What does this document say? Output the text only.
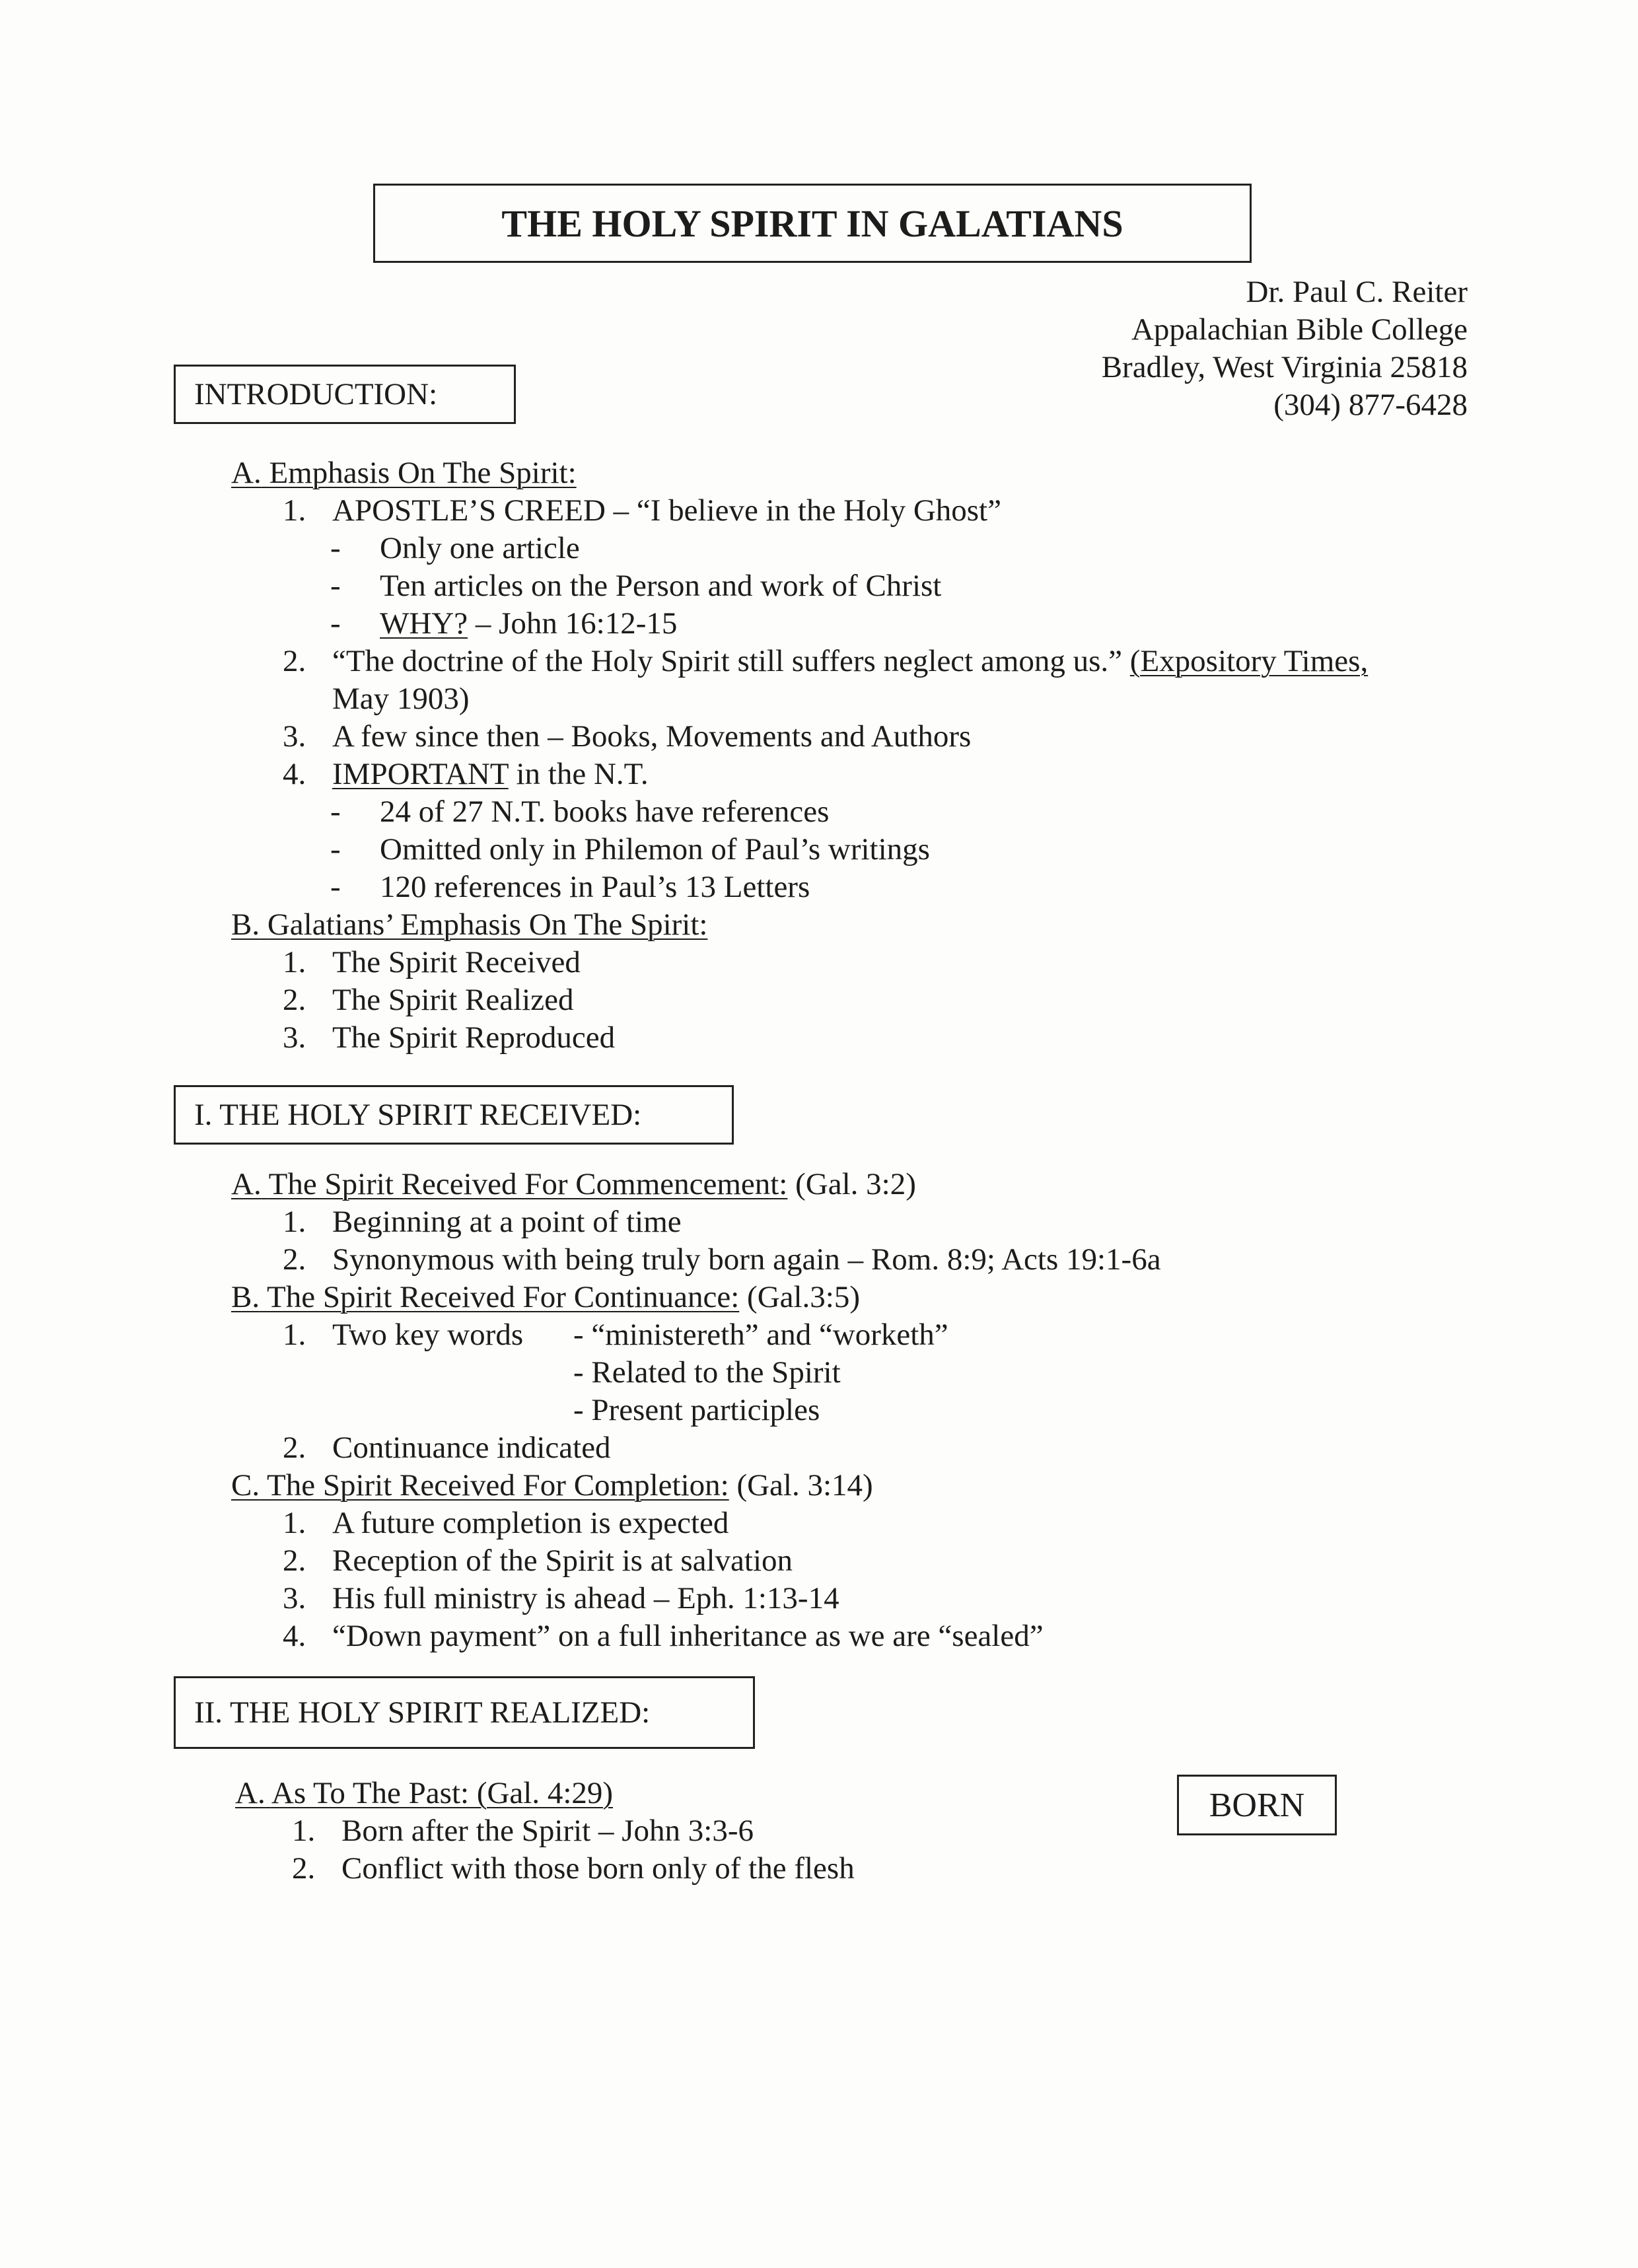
THE HOLY SPIRIT IN GALATIANS
Dr. Paul C. Reiter
Appalachian Bible College
Bradley, West Virginia 25818
(304) 877-6428
INTRODUCTION:
A. Emphasis On The Spirit:
1. APOSTLE’S CREED – “I believe in the Holy Ghost”
- Only one article
- Ten articles on the Person and work of Christ
- WHY? – John 16:12-15
2. “The doctrine of the Holy Spirit still suffers neglect among us.” (Expository Times,
May 1903)
3. A few since then – Books, Movements and Authors
4. IMPORTANT in the N.T.
- 24 of 27 N.T. books have references
- Omitted only in Philemon of Paul’s writings
- 120 references in Paul’s 13 Letters
B. Galatians’ Emphasis On The Spirit:
1. The Spirit Received
2. The Spirit Realized
3. The Spirit Reproduced
I. THE HOLY SPIRIT RECEIVED:
A. The Spirit Received For Commencement: (Gal. 3:2)
1. Beginning at a point of time
2. Synonymous with being truly born again – Rom. 8:9; Acts 19:1-6a
B. The Spirit Received For Continuance: (Gal.3:5)
1. Two key words - “ministereth” and “worketh”
- Related to the Spirit
- Present participles
2. Continuance indicated
C. The Spirit Received For Completion: (Gal. 3:14)
1. A future completion is expected
2. Reception of the Spirit is at salvation
3. His full ministry is ahead – Eph. 1:13-14
4. “Down payment” on a full inheritance as we are “sealed”
II. THE HOLY SPIRIT REALIZED:
A. As To The Past: (Gal. 4:29)
1. Born after the Spirit – John 3:3-6
2. Conflict with those born only of the flesh
BORN
